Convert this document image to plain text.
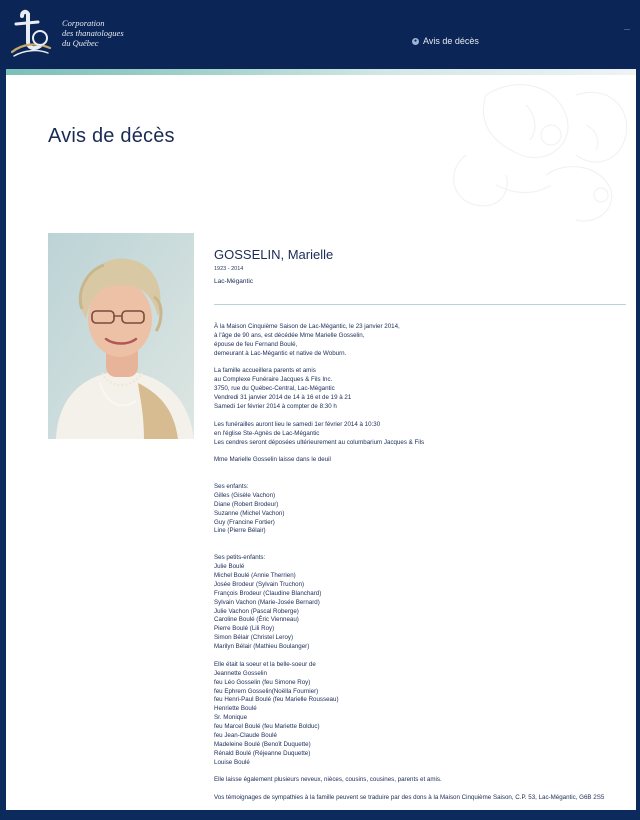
Corporation
des thanatologues
du Québec	● Avis de décès
—
Avis de décès
GOSSELIN, Marielle
1923 - 2014
Lac-Mégantic
À la Maison Cinquième Saison de Lac-Mégantic, le 23 janvier 2014,
à l'âge de 90 ans, est décédée Mme Marielle Gosselin,
épouse de feu Fernand Boulé,
demeurant à Lac-Mégantic et native de Woburn.
La famille accueillera parents et amis
au Complexe Funéraire Jacques & Fils Inc.
3750, rue du Québec-Central, Lac-Mégantic
Vendredi 31 janvier 2014 de 14 à 16 et de 19 à 21
Samedi 1er février 2014 à compter de 8:30 h
Les funérailles auront lieu le samedi 1er février 2014 à 10:30
en l'église Ste-Agnès de Lac-Mégantic
Les cendres seront déposées ultérieurement au columbarium Jacques & Fils
Mme Marielle Gosselin laisse dans le deuil
Ses enfants:
Gilles (Gisèle Vachon)
Diane (Robert Brodeur)
Suzanne (Michel Vachon)
Guy (Francine Fortier)
Line (Pierre Bélair)
Ses petits-enfants:
Julie Boulé
Michel Boulé (Annie Therrien)
Josée Brodeur (Sylvain Truchon)
François Brodeur (Claudine Blanchard)
Sylvain Vachon (Marie-Josée Bernard)
Julie Vachon (Pascal Roberge)
Caroline Boulé (Éric Vienneau)
Pierre Boulé (Lili Roy)
Simon Bélair (Christel Leroy)
Marilyn Bélair (Mathieu Boulanger)
Elle était la soeur et la belle-soeur de
Jeannette Gosselin
feu Léo Gosselin (feu Simone Roy)
feu Ephrem Gosselin(Noëlla Fournier)
feu Henri-Paul Boulé (feu Marielle Rousseau)
Henriette Boulé
Sr. Monique
feu Marcel Boulé (feu Mariette Bolduc)
feu Jean-Claude Boulé
Madeleine Boulé (Benoît Duquette)
Rénald Boulé (Réjeanne Duquette)
Louise Boulé
Elle laisse également plusieurs neveux, nièces, cousins, cousines, parents et amis.
Vos témoignages de sympathies à la famille peuvent se traduire par des dons à la Maison Cinquième Saison, C.P. 53, Lac-Mégantic, G6B 2S5
